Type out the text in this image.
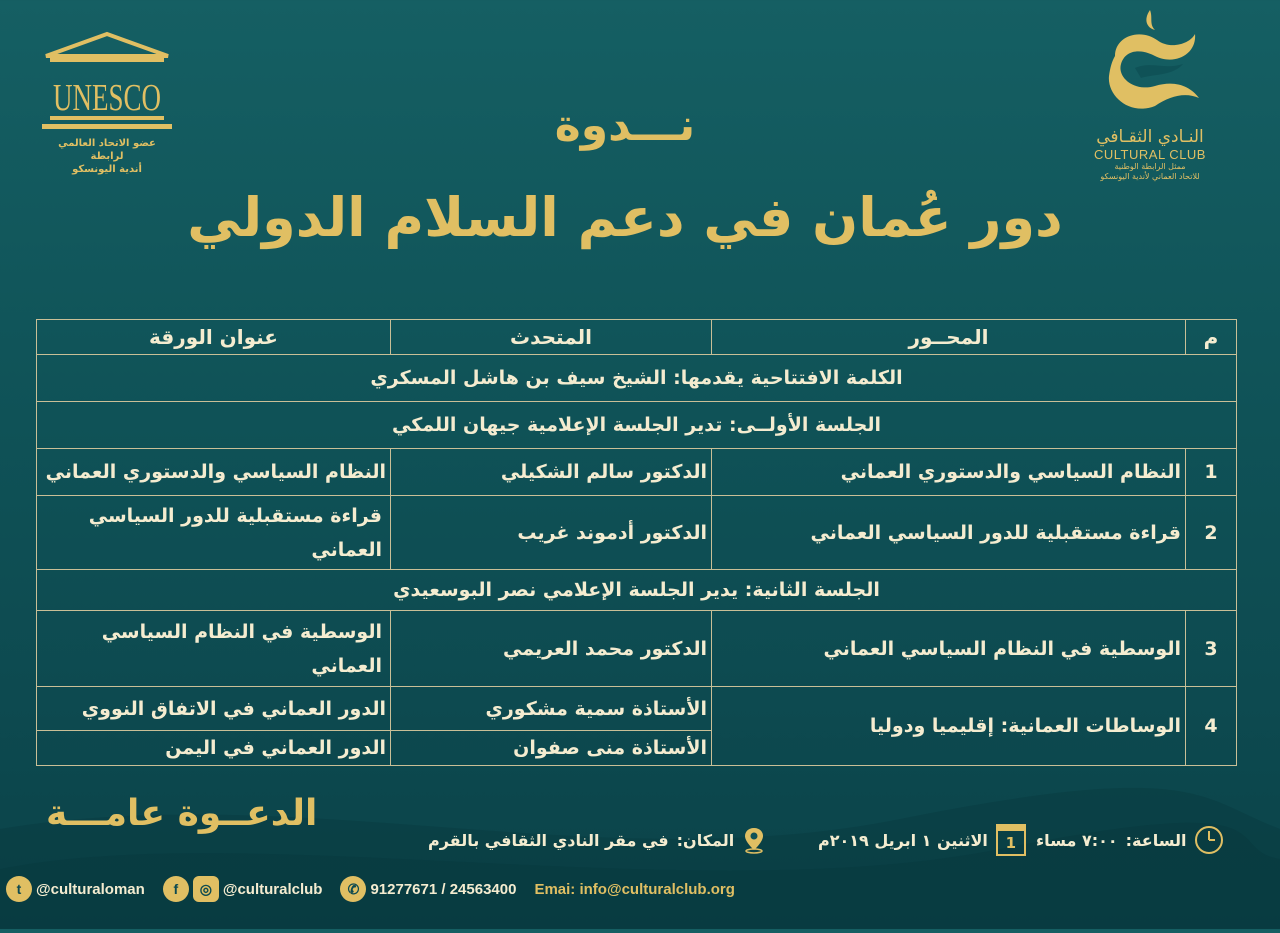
UNESCO
عضو الاتحاد العالمي لرابطة
أندية اليونسكو
النـادي الثقـافي
CULTURAL CLUB
ممثل الرابطة الوطنية
للاتحاد العماني لأندية اليونسكو
نـــدوة
دور عُمان في دعم السلام الدولي
م	المحــور	المتحدث	عنوان الورقة
الكلمة الافتتاحية يقدمها: الشيخ سيف بن هاشل المسكري			
الجلسة الأولــى: تدير الجلسة الإعلامية جيهان اللمكي			
1	النظام السياسي والدستوري العماني	الدكتور سالم الشكيلي	النظام السياسي والدستوري العماني
2	قراءة مستقبلية للدور السياسي العماني	الدكتور أدموند غريب	قراءة مستقبلية للدور السياسي العماني
الجلسة الثانية: يدير الجلسة الإعلامي نصر البوسعيدي			
3	الوسطية في النظام السياسي العماني	الدكتور محمد العريمي	الوسطية في النظام السياسي العماني
4	الوساطات العمانية: إقليميا ودوليا	الأستاذة سمية مشكوري	الدور العماني في الاتفاق النووي
		الأستاذة منى صفوان	الدور العماني في اليمن
الدعــوة عامـــة
الساعة:
٧:٠٠ مساء
1
الاثنين ١ ابريل ٢٠١٩م
المكان:
في مقر النادي الثقافي بالقرم
t @culturaloman	f	◎ @culturalclub	✆ 91277671 / 24563400 Emai: info@culturalclub.org
